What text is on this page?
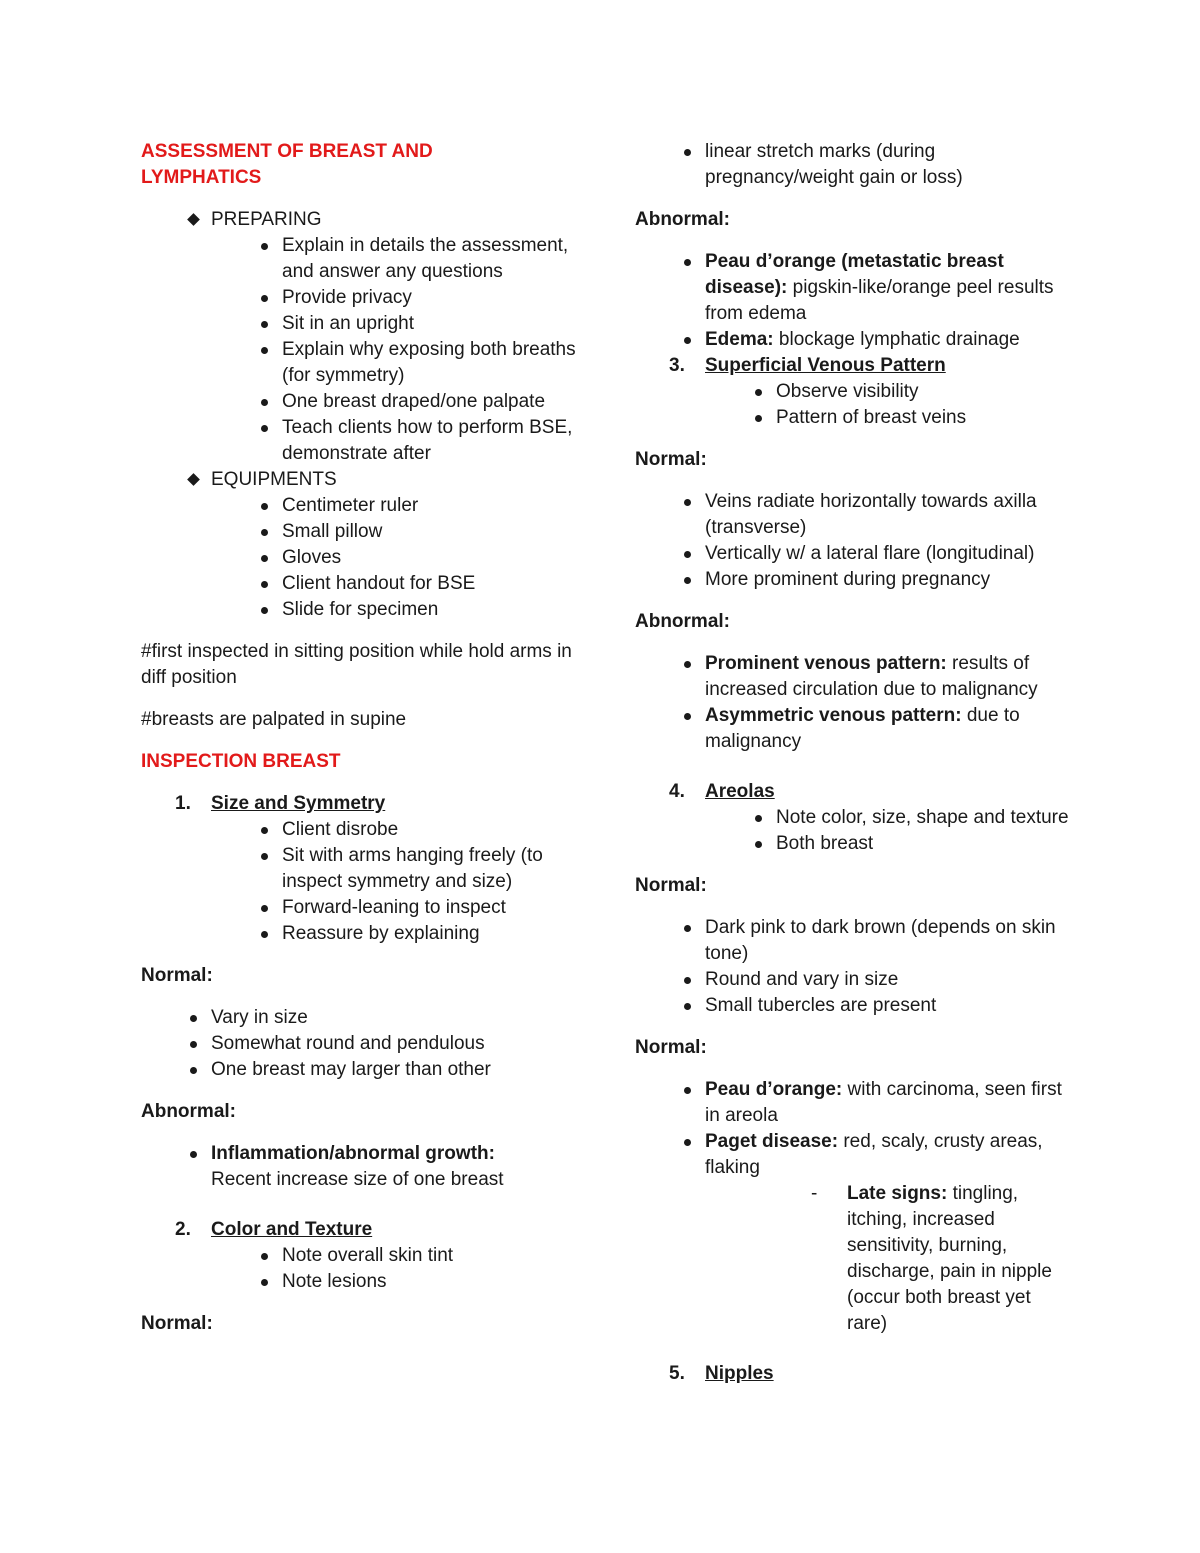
ASSESSMENT OF BREAST AND
LYMPHATICS
PREPARING
Explain in details the assessment, and answer any questions
Provide privacy
Sit in an upright
Explain why exposing both breaths (for symmetry)
One breast draped/one palpate
Teach clients how to perform BSE, demonstrate after
EQUIPMENTS
Centimeter ruler
Small pillow
Gloves
Client handout for BSE
Slide for specimen
#first inspected in sitting position while hold arms in diff position
#breasts are palpated in supine
INSPECTION BREAST
1.	Size and Symmetry
Client disrobe
Sit with arms hanging freely (to inspect symmetry and size)
Forward-leaning to inspect
Reassure by explaining
Normal:
Vary in size
Somewhat round and pendulous
One breast may larger than other
Abnormal:
Inflammation/abnormal growth:
Recent increase size of one breast
2.	Color and Texture
Note overall skin tint
Note lesions
Normal:
linear stretch marks (during pregnancy/weight gain or loss)
Abnormal:
Peau d’orange (metastatic breast disease): pigskin-like/orange peel results from edema
Edema: blockage lymphatic drainage
3.	Superficial Venous Pattern
Observe visibility
Pattern of breast veins
Normal:
Veins radiate horizontally towards axilla (transverse)
Vertically w/ a lateral flare (longitudinal)
More prominent during pregnancy
Abnormal:
Prominent venous pattern: results of increased circulation due to malignancy
Asymmetric venous pattern: due to malignancy
4.	Areolas
Note color, size, shape and texture
Both breast
Normal:
Dark pink to dark brown (depends on skin tone)
Round and vary in size
Small tubercles are present
Normal:
Peau d’orange: with carcinoma, seen first in areola
Paget disease: red, scaly, crusty areas, flaking
-	Late signs: tingling, itching, increased sensitivity, burning, discharge, pain in nipple (occur both breast yet rare)
5.	Nipples
